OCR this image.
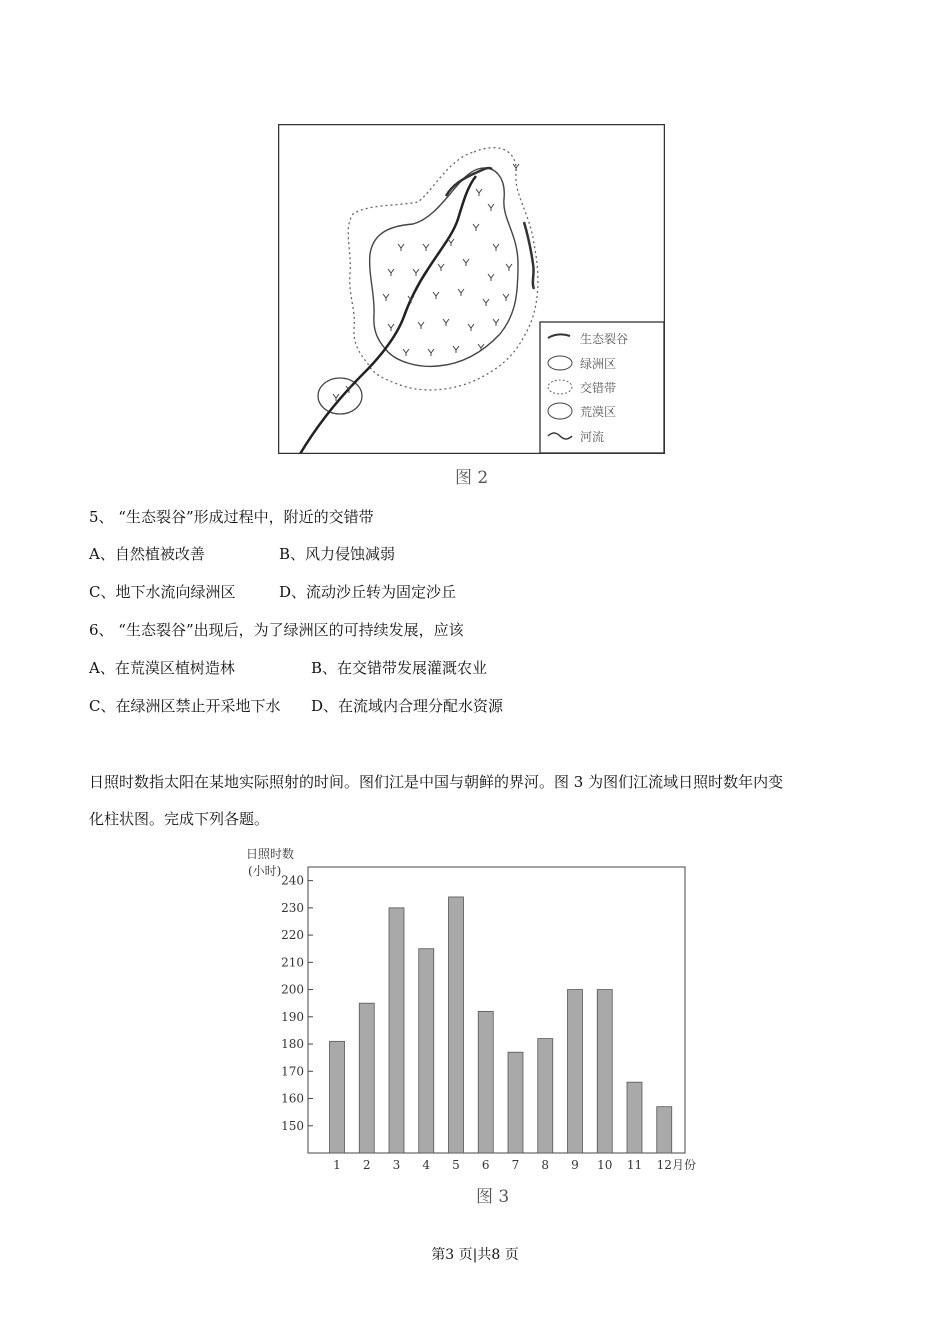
生态裂谷
绿洲区
交错带
荒漠区
河流
图 2
5、 “生态裂谷”形成过程中，附近的交错带
A、自然植被改善	B、风力侵蚀减弱
C、地下水流向绿洲区	D、流动沙丘转为固定沙丘
6、 “生态裂谷”出现后，为了绿洲区的可持续发展，应该
A、在荒漠区植树造林	B、在交错带发展灌溉农业
C、在绿洲区禁止开采地下水 D、在流域内合理分配水资源
日照时数指太阳在某地实际照射的时间。图们江是中国与朝鲜的界河。图 3 为图们江流域日照时数年内变
化柱状图。完成下列各题。
日照时数
(小时)
月份
150
160
170
180
190
200
210
220
230
240
1 2 3 4 5 6 7 8 9 10 11 12
图 3
第3 页|共8 页
